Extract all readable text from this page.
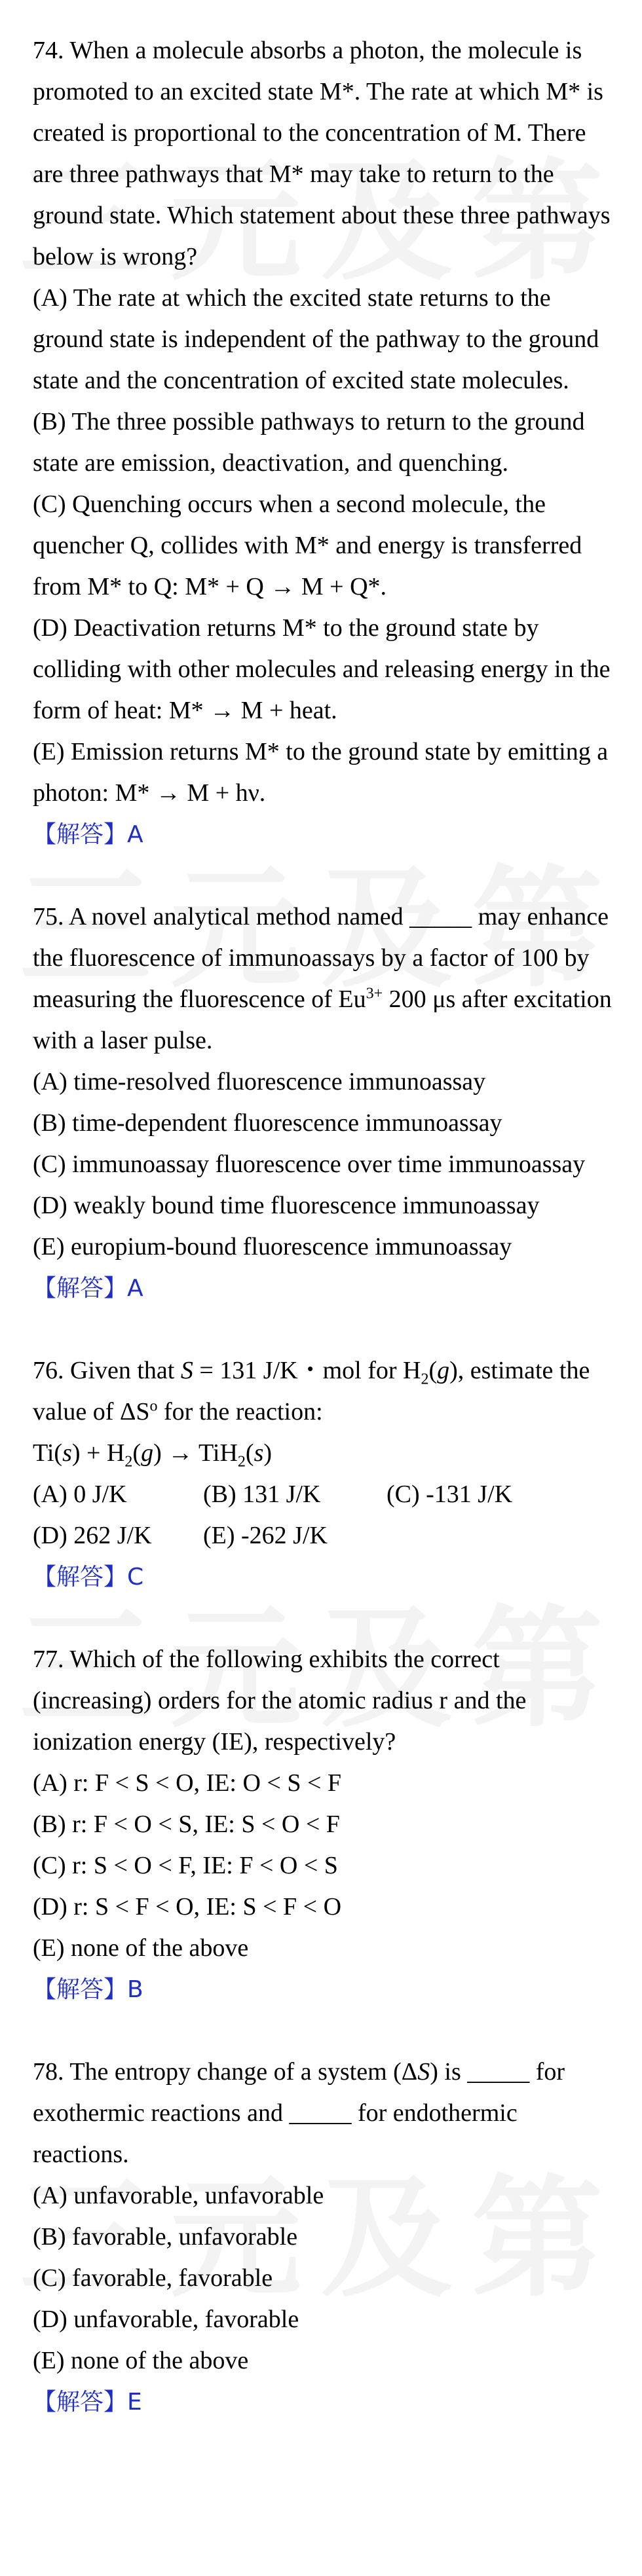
74. When a molecule absorbs a photon, the molecule is promoted to an excited state M*. The rate at which M* is created is proportional to the concentration of M. There are three pathways that M* may take to return to the ground state. Which statement about these three pathways below is wrong?

(A) The rate at which the excited state returns to the ground state is independent of the pathway to the ground state and the concentration of excited state molecules.

(B) The three possible pathways to return to the ground state are emission, deactivation, and quenching.

(C) Quenching occurs when a second molecule, the quencher Q, collides with M* and energy is transferred from M* to Q: M* + Q → M + Q*.

(D) Deactivation returns M* to the ground state by colliding with other molecules and releasing energy in the form of heat: M* → M + heat.

(E) Emission returns M* to the ground state by emitting a photon: M* → M + hν.

【解答】A

75. A novel analytical method named _____ may enhance the fluorescence of immunoassays by a factor of 100 by measuring the fluorescence of $Eu^{3+}$ 200 μs after excitation with a laser pulse.

(A) time-resolved fluorescence immunoassay

(B) time-dependent fluorescence immunoassay

(C) immunoassay fluorescence over time immunoassay

(D) weakly bound time fluorescence immunoassay

(E) europium-bound fluorescence immunoassay

【解答】A

76. Given that S = 131 J/K・mol for $H_2(g)$, estimate the value of $\Delta S^o$ for the reaction:

$Ti(s) + H_2(g) \to TiH_2(s)$

(A) 0 J/K	(B) 131 J/K	(C) -131 J/K

(D) 262 J/K (E) -262 J/K

【解答】C

77. Which of the following exhibits the correct (increasing) orders for the atomic radius r and the ionization energy (IE), respectively?

(A) r: F < S < O, IE: O < S < F

(B) r: F < O < S, IE: S < O < F

(C) r: S < O < F, IE: F < O < S

(D) r: S < F < O, IE: S < F < O

(E) none of the above

【解答】B

78. The entropy change of a system (ΔS) is _____ for exothermic reactions and _____ for endothermic reactions.

(A) unfavorable, unfavorable

(B) favorable, unfavorable

(C) favorable, favorable

(D) unfavorable, favorable

(E) none of the above

【解答】E
